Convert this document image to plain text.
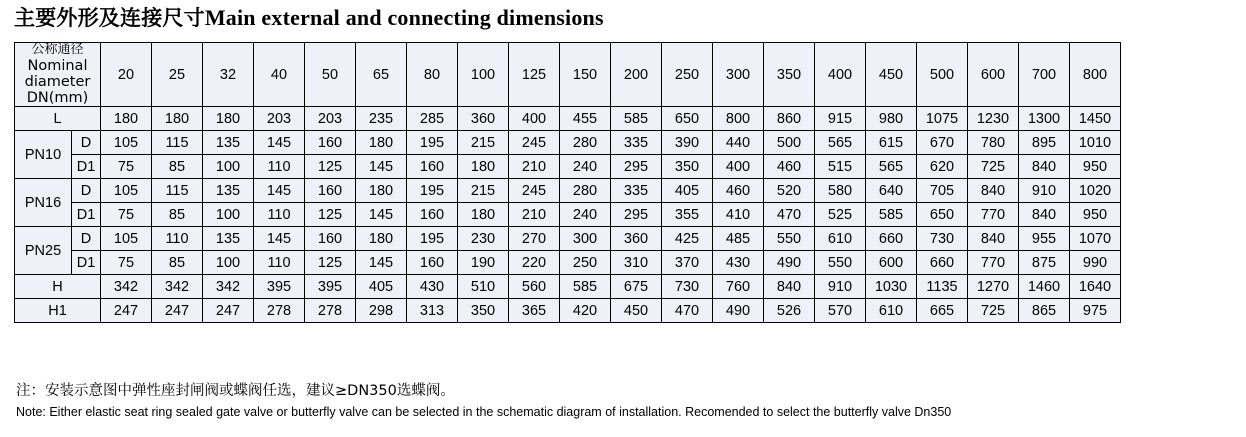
主要外形及连接尺寸Main external and connecting dimensions
公称通径
Nominal
diameter
DN(mm)		20	25	32	40	50	65	80	100	125	150	200	250	300	350	400	450	500	600	700	800
L		180	180	180	203	203	235	285	360	400	455	585	650	800	860	915	980	1075	1230	1300	1450
PN10	D	105	115	135	145	160	180	195	215	245	280	335	390	440	500	565	615	670	780	895	1010
	D1	75	85	100	110	125	145	160	180	210	240	295	350	400	460	515	565	620	725	840	950
PN16	D	105	115	135	145	160	180	195	215	245	280	335	405	460	520	580	640	705	840	910	1020
	D1	75	85	100	110	125	145	160	180	210	240	295	355	410	470	525	585	650	770	840	950
PN25	D	105	110	135	145	160	180	195	230	270	300	360	425	485	550	610	660	730	840	955	1070
	D1	75	85	100	110	125	145	160	190	220	250	310	370	430	490	550	600	660	770	875	990
H		342	342	342	395	395	405	430	510	560	585	675	730	760	840	910	1030	1135	1270	1460	1640
H1		247	247	247	278	278	298	313	350	365	420	450	470	490	526	570	610	665	725	865	975
注：安装示意图中弹性座封闸阀或蝶阀任选，建议≥DN350选蝶阀。
Note: Either elastic seat ring sealed gate valve or butterfly valve can be selected in the schematic diagram of installation. Recomended to select the butterfly valve Dn350
